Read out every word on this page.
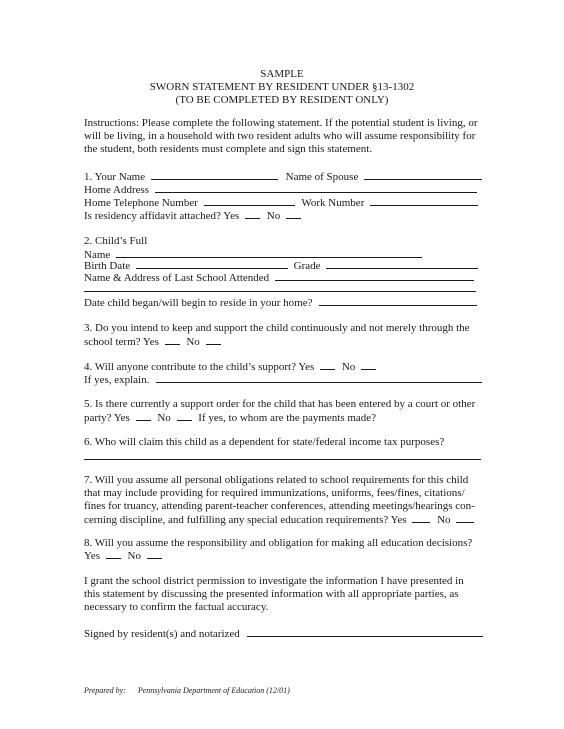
SAMPLE
SWORN STATEMENT BY RESIDENT UNDER §13-1302
(TO BE COMPLETED BY RESIDENT ONLY)
Instructions: Please complete the following statement. If the potential student is living, or
will be living, in a household with two resident adults who will assume responsibility for
the student, both residents must complete and sign this statement.
1. Your Name	Name of Spouse
Home Address
Home Telephone Number	Work Number
Is residency affidavit attached? Yes	No
2. Child’s Full
Name
Birth Date	Grade
Name & Address of Last School Attended
Date child began/will begin to reside in your home?
3. Do you intend to keep and support the child continuously and not merely through the
school term? Yes	No
4. Will anyone contribute to the child’s support? Yes	No
If yes, explain.
5. Is there currently a support order for the child that has been entered by a court or other
party? Yes	No	If yes, to whom are the payments made?
6. Who will claim this child as a dependent for state/federal income tax purposes?
7. Will you assume all personal obligations related to school requirements for this child
that may include providing for required immunizations, uniforms, fees/fines, citations/
fines for truancy, attending parent-teacher conferences, attending meetings/hearings con-
cerning discipline, and fulfilling any special education requirements? Yes	No
8. Will you assume the responsibility and obligation for making all education decisions?
Yes	No
I grant the school district permission to investigate the information I have presented in
this statement by discussing the presented information with all appropriate parties, as
necessary to confirm the factual accuracy.
Signed by resident(s) and notarized
Prepared by: Pennsylvania Department of Education (12/01)
